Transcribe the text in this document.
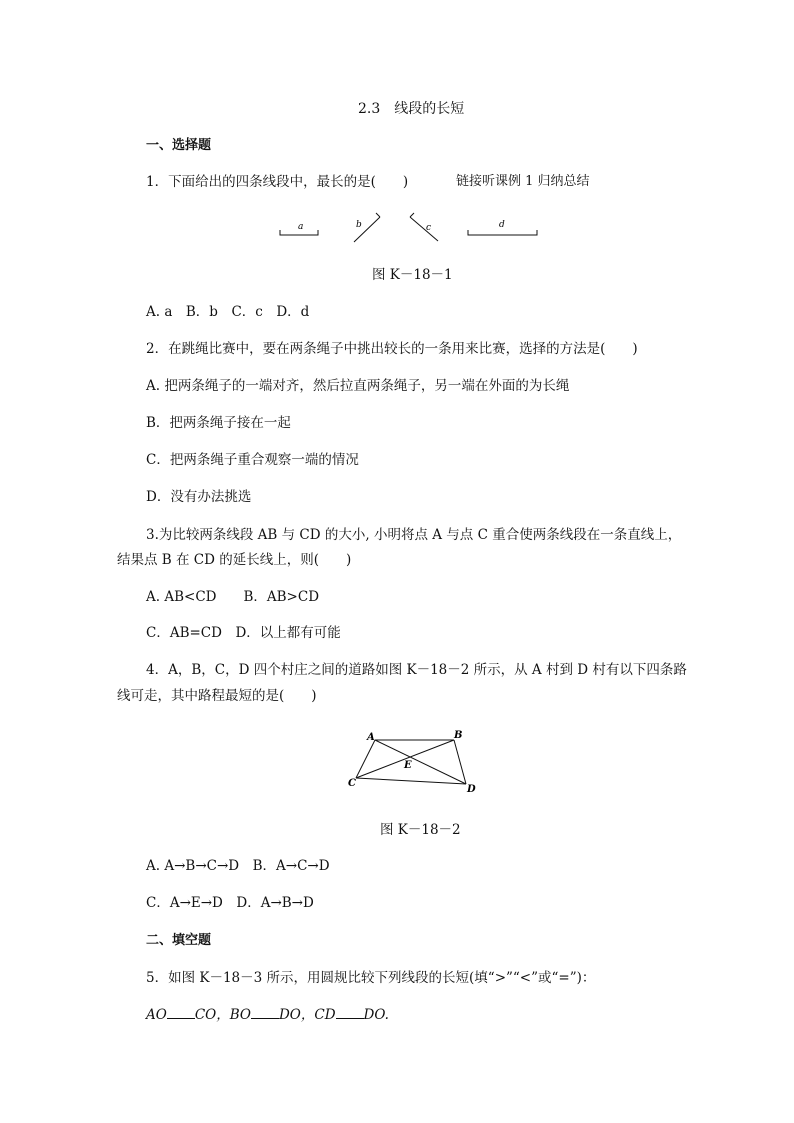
2.3　线段的长短
一、选择题
1．下面给出的四条线段中，最长的是(　　)	链接听课例 1 归纳总结
a	b	c	d
图 K－18－1
A. a　B．b　C．c　D．d
2．在跳绳比赛中，要在两条绳子中挑出较长的一条用来比赛，选择的方法是(　　)
A. 把两条绳子的一端对齐，然后拉直两条绳子，另一端在外面的为长绳
B．把两条绳子接在一起
C．把两条绳子重合观察一端的情况
D．没有办法挑选
3.为比较两条线段 AB 与 CD 的大小, 小明将点 A 与点 C 重合使两条线段在一条直线上，
结果点 B 在 CD 的延长线上，则(　　)
A. AB<CD　　B．AB>CD
C．AB=CD　D．以上都有可能
4．A，B，C，D 四个村庄之间的道路如图 K－18－2 所示，从 A 村到 D 村有以下四条路
线可走，其中路程最短的是(　　)
A	B
E
C
D
图 K－18－2
A. A→B→C→D　B．A→C→D
C．A→E→D　D．A→B→D
二、填空题
5．如图 K－18－3 所示，用圆规比较下列线段的长短(填“>”“<”或“=”)：
AO CO，BO DO，CD DO.
